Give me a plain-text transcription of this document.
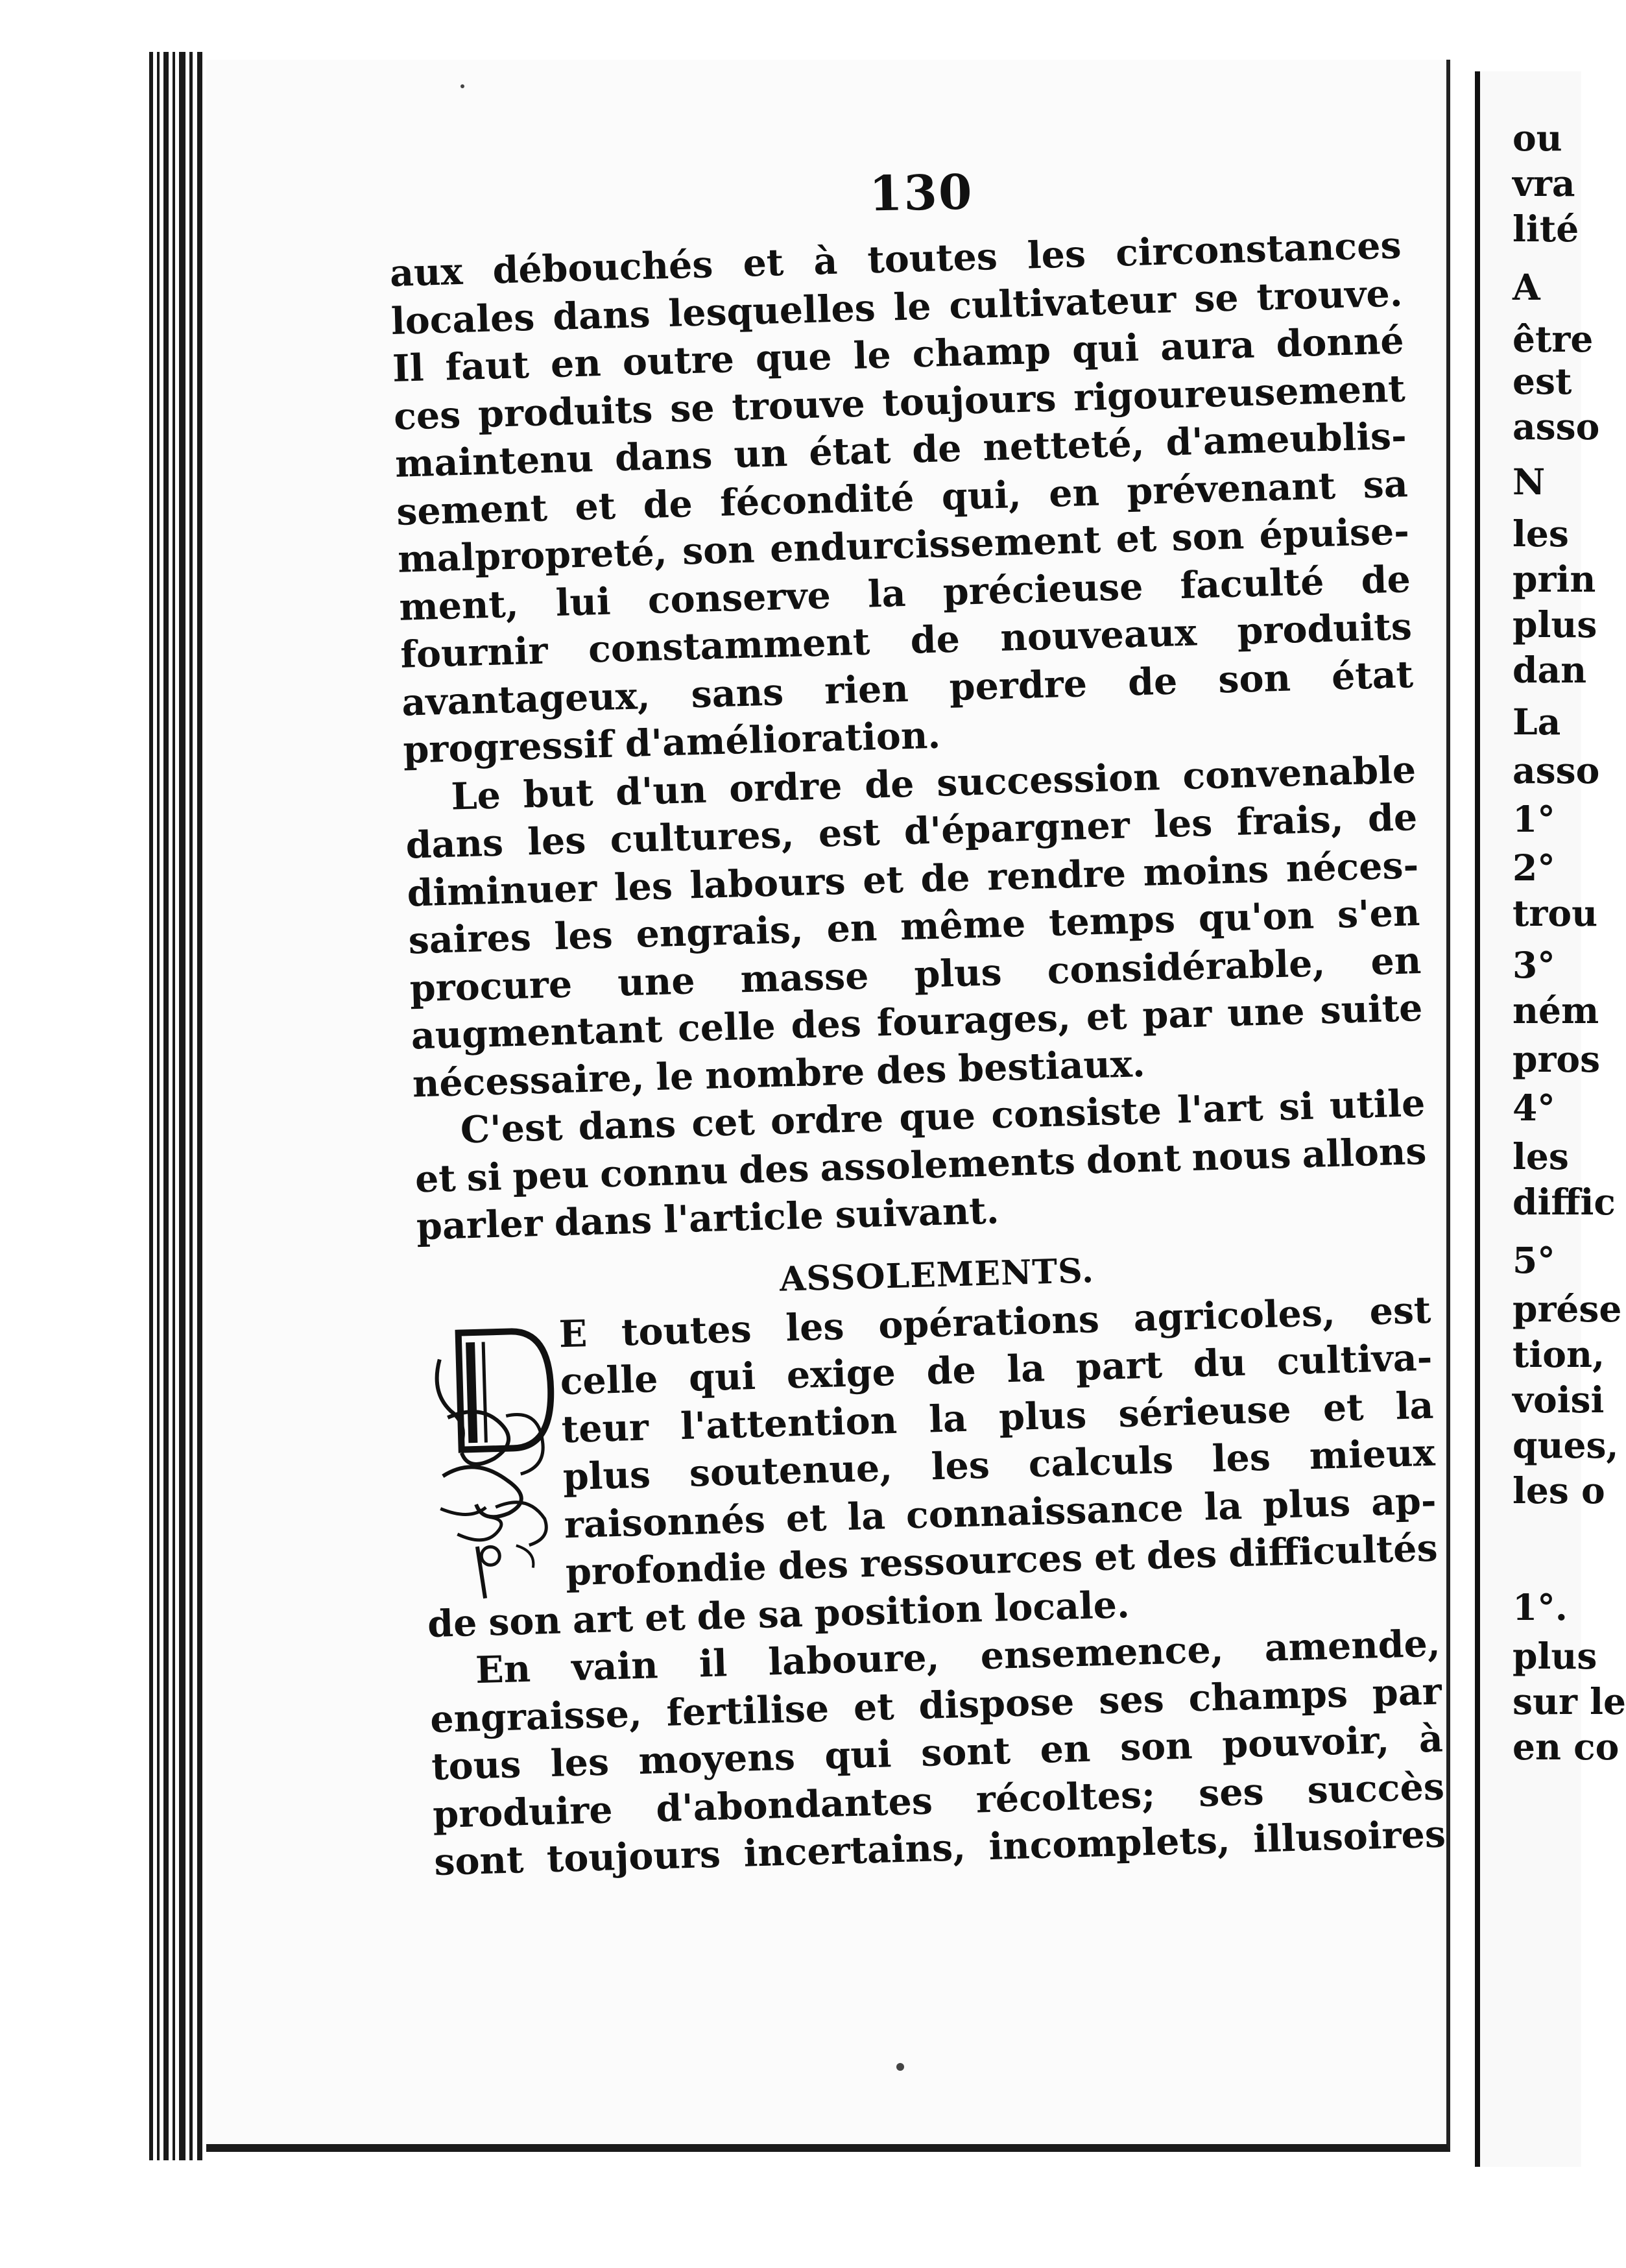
130
aux débouchés et à toutes les circonstances
locales dans lesquelles le cultivateur se trouve.
Il faut en outre que le champ qui aura donné
ces produits se trouve toujours rigoureusement
maintenu dans un état de netteté, d'ameublis-
sement et de fécondité qui, en prévenant sa
malpropreté, son endurcissement et son épuise-
ment, lui conserve la précieuse faculté de
fournir constamment de nouveaux produits
avantageux, sans rien perdre de son état
progressif d'amélioration.
Le but d'un ordre de succession convenable
dans les cultures, est d'épargner les frais, de
diminuer les labours et de rendre moins néces-
saires les engrais, en même temps qu'on s'en
procure une masse plus considérable, en
augmentant celle des fourages, et par une suite
nécessaire, le nombre des bestiaux.
C'est dans cet ordre que consiste l'art si utile
et si peu connu des assolements dont nous allons
parler dans l'article suivant.
ASSOLEMENTS.
E toutes les opérations agricoles, est
celle qui exige de la part du cultiva-
teur l'attention la plus sérieuse et la
plus soutenue, les calculs les mieux
raisonnés et la connaissance la plus ap-
profondie des ressources et des difficultés
de son art et de sa position locale.
En vain il laboure, ensemence, amende,
engraisse, fertilise et dispose ses champs par
tous les moyens qui sont en son pouvoir, à
produire d'abondantes récoltes; ses succès
sont toujours incertains, incomplets, illusoires
ou
vra
lité
A
être
est
asso
N
les
prin
plus
dan
La
asso
1°
2°
trou
3°
ném
pros
4°
les
diffic
5°
prése
tion,
voisi
ques,
les o
1°.
plus
sur le
en co
